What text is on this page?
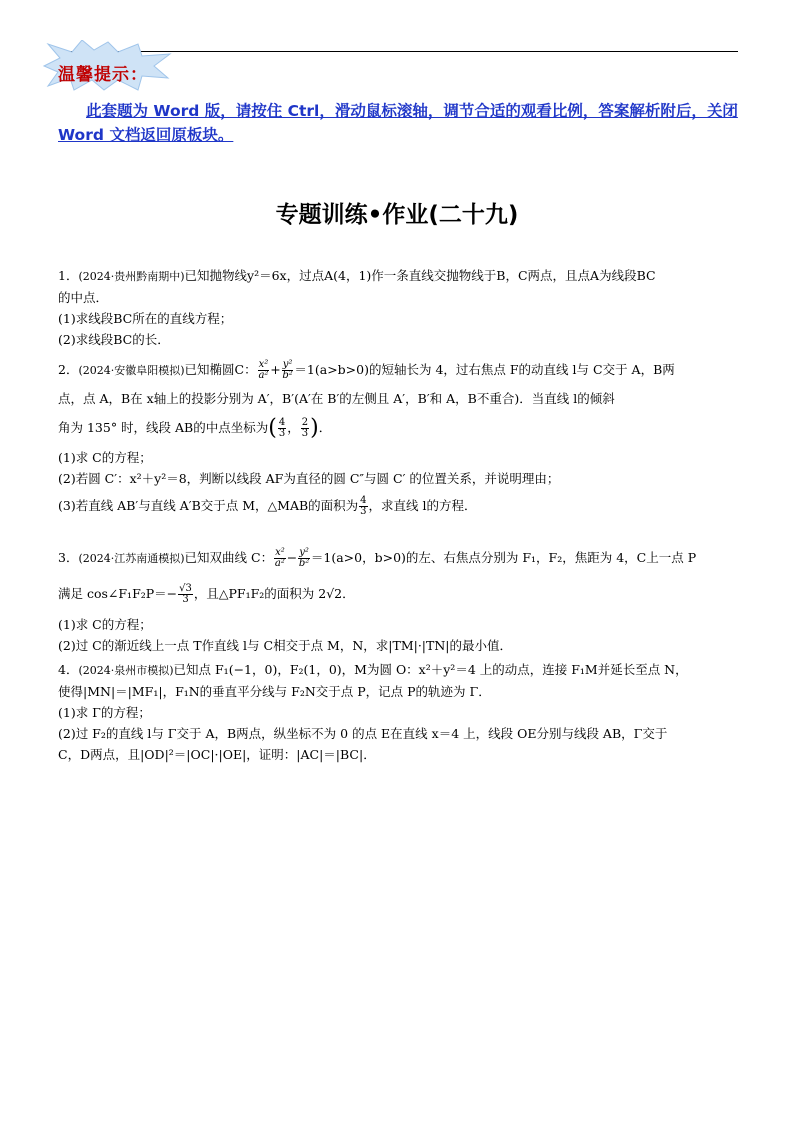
温馨提示：
此套题为 Word 版，请按住 Ctrl，滑动鼠标滚轴，调节合适的观看比例，答案解析附后，关闭 Word 文档返回原板块。
专题训练•作业(二十九)

1．(2024·贵州黔南期中)已知抛物线y²＝6x，过点A(4，1)作一条直线交抛物线于B，C两点，且点A为线段BC

的中点．

(1)求线段BC所在的直线方程；

(2)求线段BC的长．

2．(2024·安徽阜阳模拟)已知椭圆C： $\frac{\text{x²}}{\text{a²}} + \frac{\text{y²}}{\text{b²}} =1(a>b>0)$的短轴长为 4，过右焦点 F的动直线 l与 C交于 A，B两

点，点 A，B在 x轴上的投影分别为 A′，B′(A′在 B′的左侧且 A′，B′和 A，B不重合)．当直线 l的倾斜

角为 135° 时，线段 AB的中点坐标为( $\frac{4}{3}$ ， $\frac{2}{3}$ )．

(1)求 C的方程；

(2)若圆 C′：x²＋y²＝8，判断以线段 AF为直径的圆 C″与圆 C′ 的位置关系，并说明理由；

(3)若直线 AB′与直线 A′B交于点 M，△MAB的面积为 $\frac{4}{3}$ ，求直线 l的方程．

3．(2024·江苏南通模拟)已知双曲线 C： $\frac{\text{x²}}{\text{a²}} - \frac{\text{y²}}{\text{b²}} =1(a>0$，b>0)的左、右焦点分别为 F₁，F₂，焦距为 4，C上一点 P

满足 cos∠F₁F₂P＝− $\frac{√3}{3}$ ，且△PF₁F₂的面积为 2√2．

(1)求 C的方程；

(2)过 C的渐近线上一点 T作直线 l与 C相交于点 M，N，求|TM|·|TN|的最小值．

4．(2024·泉州市模拟)已知点 F₁(−1，0)，F₂(1，0)，M为圆 O：x²＋y²＝4 上的动点，连接 F₁M并延长至点 N，

使得|MN|＝|MF₁|，F₁N的垂直平分线与 F₂N交于点 P，记点 P的轨迹为 Γ．

(1)求 Γ的方程；

(2)过 F₂的直线 l与 Γ交于 A，B两点，纵坐标不为 0 的点 E在直线 x＝4 上，线段 OE分别与线段 AB，Γ交于

C，D两点，且|OD|²＝|OC|·|OE|，证明：|AC|＝|BC|．
